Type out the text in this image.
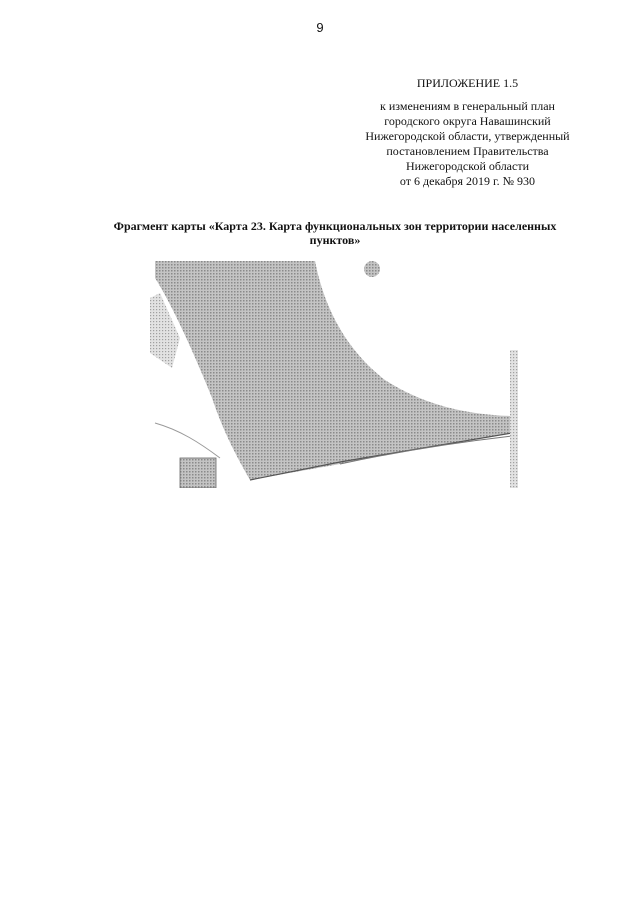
9
ПРИЛОЖЕНИЕ 1.5
к изменениям в генеральный план
городского округа Навашинский
Нижегородской области, утвержденный
постановлением Правительства
Нижегородской области
от 6 декабря 2019 г. № 930
Фрагмент карты «Карта 23. Карта функциональных зон территории населенных пунктов»
